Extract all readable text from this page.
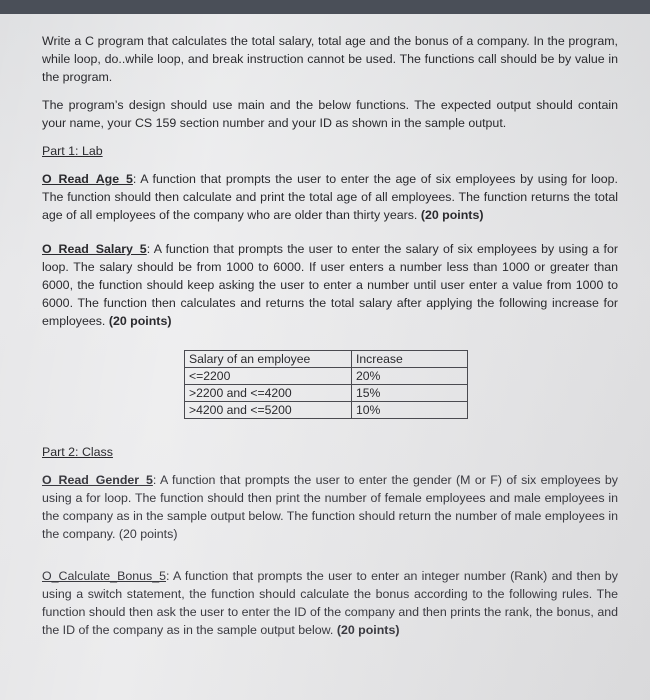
Write a C program that calculates the total salary, total age and the bonus of a company. In the program, while loop, do..while loop, and break instruction cannot be used. The functions call should be by value in the program.

The program’s design should use main and the below functions. The expected output should contain your name, your CS 159 section number and your ID as shown in the sample output.

Part 1: Lab

O_Read_Age_5: A function that prompts the user to enter the age of six employees by using for loop. The function should then calculate and print the total age of all employees. The function returns the total age of all employees of the company who are older than thirty years. (20 points)

O_Read_Salary_5: A function that prompts the user to enter the salary of six employees by using a for loop. The salary should be from 1000 to 6000. If user enters a number less than 1000 or greater than 6000, the function should keep asking the user to enter a number until user enter a value from 1000 to 6000. The function then calculates and returns the total salary after applying the following increase for employees. (20 points)

Salary of an employee	Increase
<=2200	20%
>2200 and <=4200	15%
>4200 and <=5200	10%

Part 2: Class

O_Read_Gender_5: A function that prompts the user to enter the gender (M or F) of six employees by using a for loop. The function should then print the number of female employees and male employees in the company as in the sample output below. The function should return the number of male employees in the company. (20 points)

O_Calculate_Bonus_5: A function that prompts the user to enter an integer number (Rank) and then by using a switch statement, the function should calculate the bonus according to the following rules. The function should then ask the user to enter the ID of the company and then prints the rank, the bonus, and the ID of the company as in the sample output below. (20 points)
